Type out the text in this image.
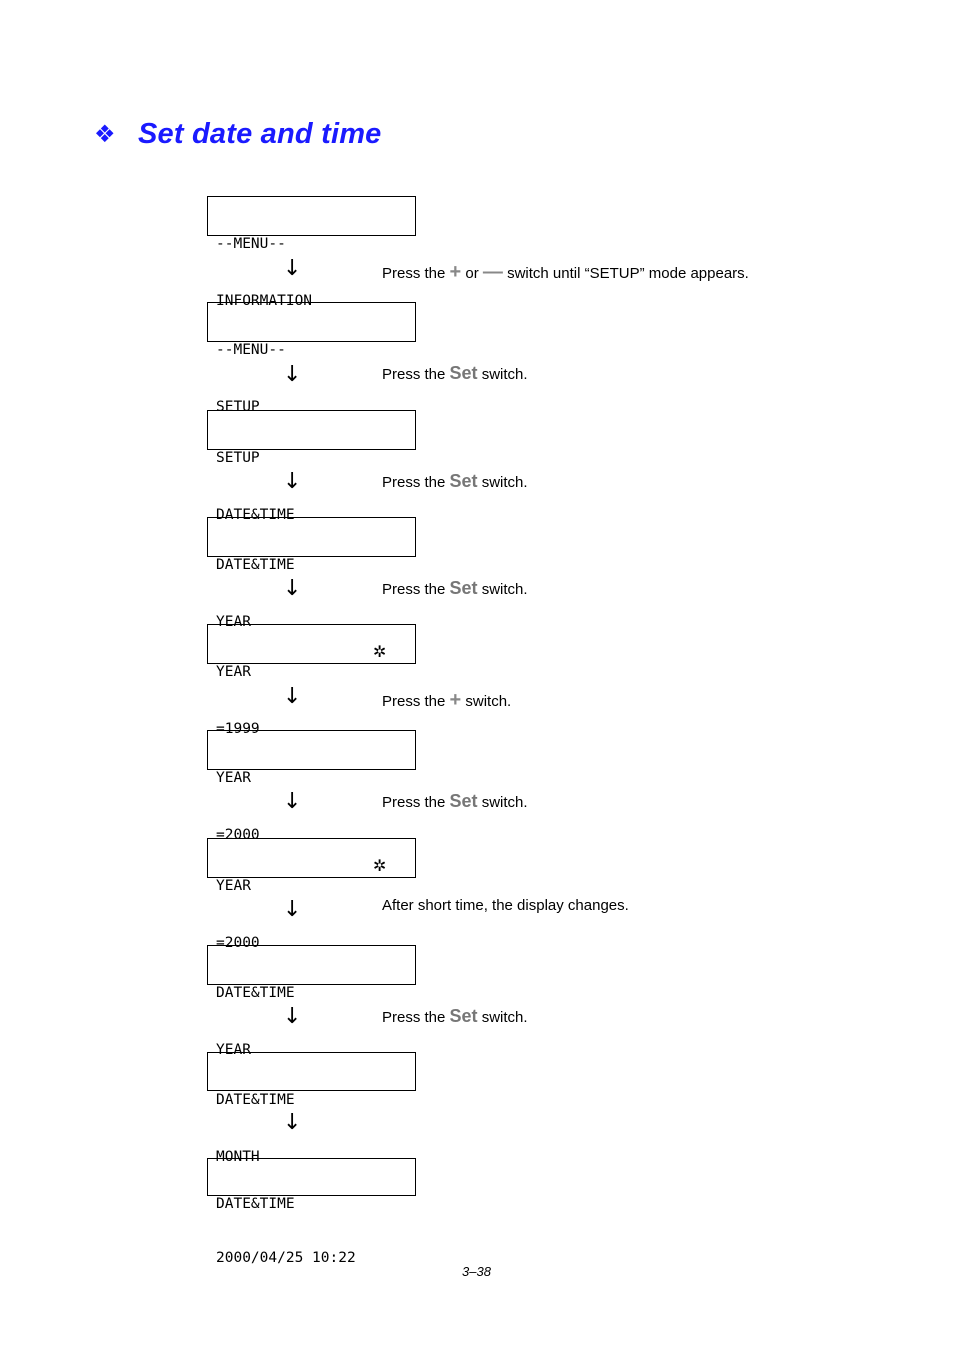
❖ Set date and time

--MENU--

INFORMATION

--MENU--

SETUP

SETUP

DATE&TIME

DATE&TIME

YEAR

YEAR

=1999

✲

YEAR

=2000

YEAR

=2000

✲

DATE&TIME

YEAR

DATE&TIME

MONTH

DATE&TIME

2000/04/25 10:22

↓
↓
↓
↓
↓
↓
↓
↓
↓
Press the + or — switch until “SETUP” mode appears.
Press the Set switch.
Press the Set switch.
Press the Set switch.
Press the + switch.
Press the Set switch.
After short time, the display changes.
Press the Set switch.
3–38
